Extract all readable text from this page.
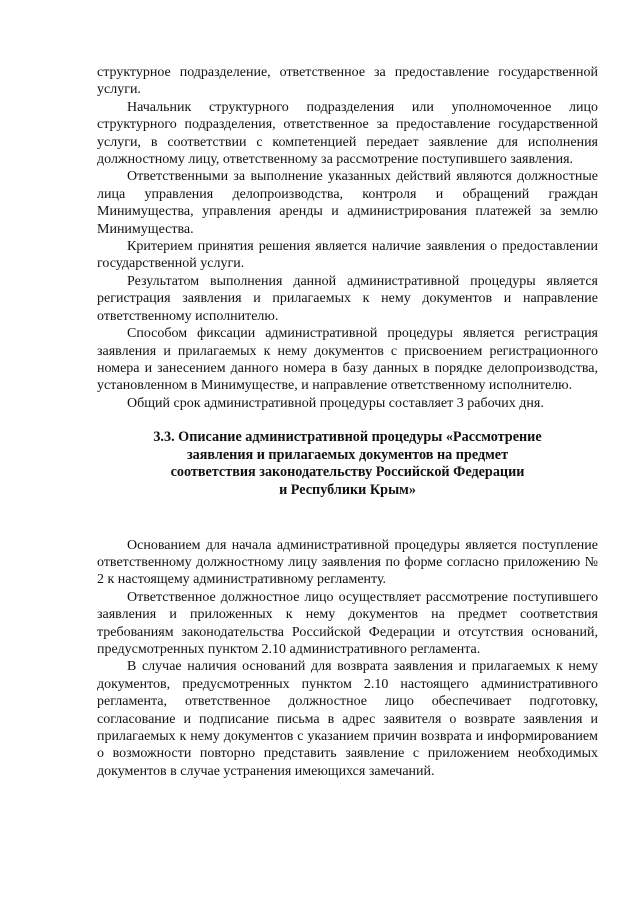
структурное подразделение, ответственное за предоставление государственной услуги.

Начальник структурного подразделения или уполномоченное лицо структурного подразделения, ответственное за предоставление государственной услуги, в соответствии с компетенцией передает заявление для исполнения должностному лицу, ответственному за рассмотрение поступившего заявления.

Ответственными за выполнение указанных действий являются должностные лица управления делопроизводства, контроля и обращений граждан Минимущества, управления аренды и администрирования платежей за землю Минимущества.

Критерием принятия решения является наличие заявления о предоставлении государственной услуги.

Результатом выполнения данной административной процедуры является регистрация заявления и прилагаемых к нему документов и направление ответственному исполнителю.

Способом фиксации административной процедуры является регистрация заявления и прилагаемых к нему документов с присвоением регистрационного номера и занесением данного номера в базу данных в порядке делопроизводства, установленном в Минимуществе, и направление ответственному исполнителю.

Общий срок административной процедуры составляет 3 рабочих дня.

3.3. Описание административной процедуры «Рассмотрение
заявления и прилагаемых документов на предмет
соответствия законодательству Российской Федерации
и Республики Крым»

Основанием для начала административной процедуры является поступление ответственному должностному лицу заявления по форме согласно приложению № 2 к настоящему административному регламенту.

Ответственное должностное лицо осуществляет рассмотрение поступившего заявления и приложенных к нему документов на предмет соответствия требованиям законодательства Российской Федерации и отсутствия оснований, предусмотренных пунктом 2.10 административного регламента.

В случае наличия оснований для возврата заявления и прилагаемых к нему документов, предусмотренных пунктом 2.10 настоящего административного регламента, ответственное должностное лицо обеспечивает подготовку, согласование и подписание письма в адрес заявителя о возврате заявления и прилагаемых к нему документов с указанием причин возврата и информированием о возможности повторно представить заявление с приложением необходимых документов в случае устранения имеющихся замечаний.
